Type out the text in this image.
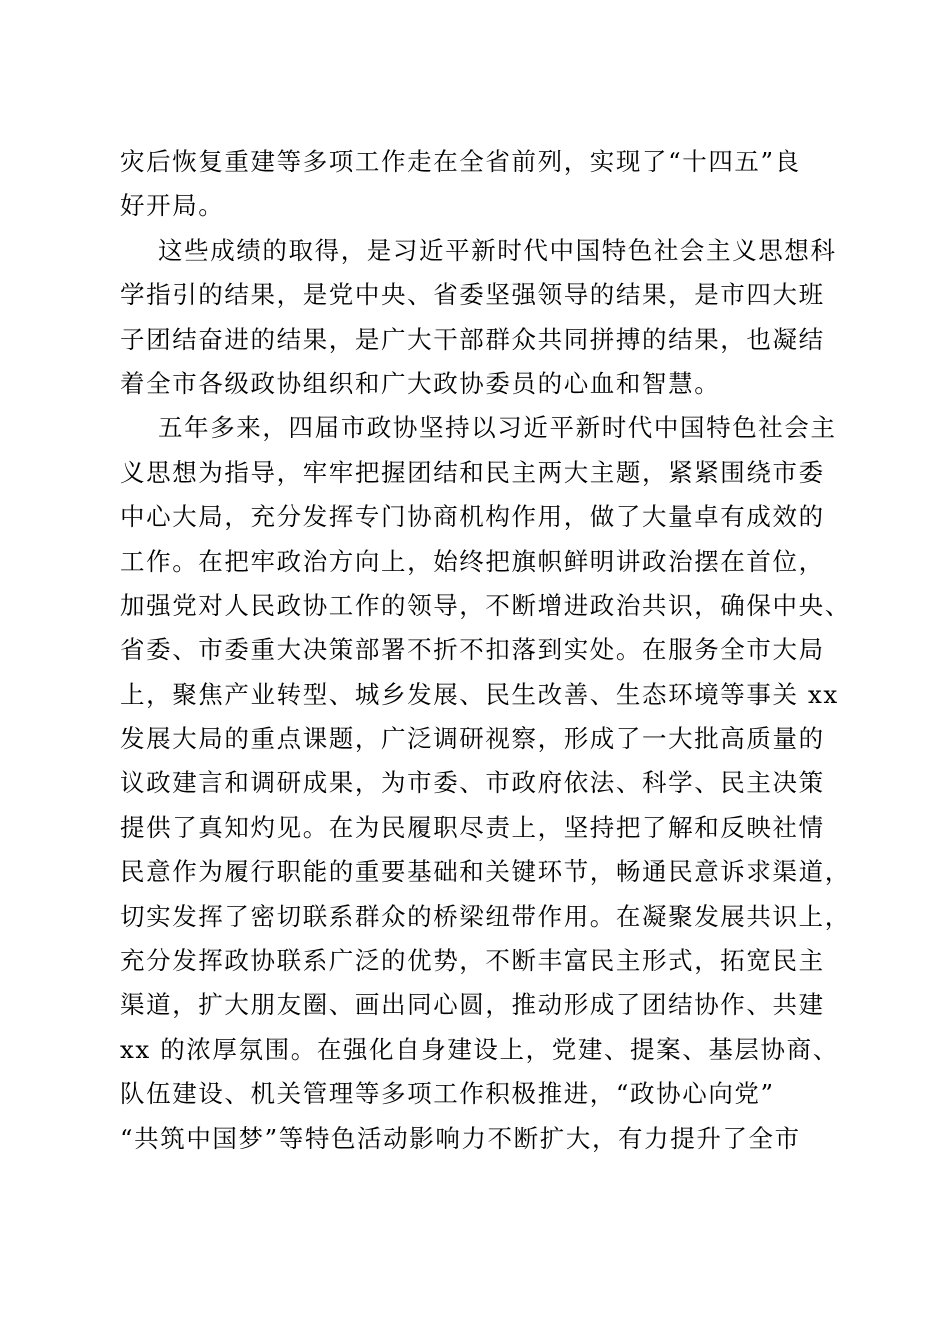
灾后恢复重建等多项工作走在全省前列，实现了“十四五”良
好开局。
这些成绩的取得，是习近平新时代中国特色社会主义思想科
学指引的结果，是党中央、省委坚强领导的结果，是市四大班
子团结奋进的结果，是广大干部群众共同拼搏的结果，也凝结
着全市各级政协组织和广大政协委员的心血和智慧。
五年多来，四届市政协坚持以习近平新时代中国特色社会主
义思想为指导，牢牢把握团结和民主两大主题，紧紧围绕市委
中心大局，充分发挥专门协商机构作用，做了大量卓有成效的
工作。在把牢政治方向上，始终把旗帜鲜明讲政治摆在首位，
加强党对人民政协工作的领导，不断增进政治共识，确保中央、
省委、市委重大决策部署不折不扣落到实处。在服务全市大局
上，聚焦产业转型、城乡发展、民生改善、生态环境等事关 xx
发展大局的重点课题，广泛调研视察，形成了一大批高质量的
议政建言和调研成果，为市委、市政府依法、科学、民主决策
提供了真知灼见。在为民履职尽责上，坚持把了解和反映社情
民意作为履行职能的重要基础和关键环节，畅通民意诉求渠道，
切实发挥了密切联系群众的桥梁纽带作用。在凝聚发展共识上，
充分发挥政协联系广泛的优势，不断丰富民主形式，拓宽民主
渠道，扩大朋友圈、画出同心圆，推动形成了团结协作、共建
xx 的浓厚氛围。在强化自身建设上，党建、提案、基层协商、
队伍建设、机关管理等多项工作积极推进，“政协心向党”
“共筑中国梦”等特色活动影响力不断扩大，有力提升了全市
